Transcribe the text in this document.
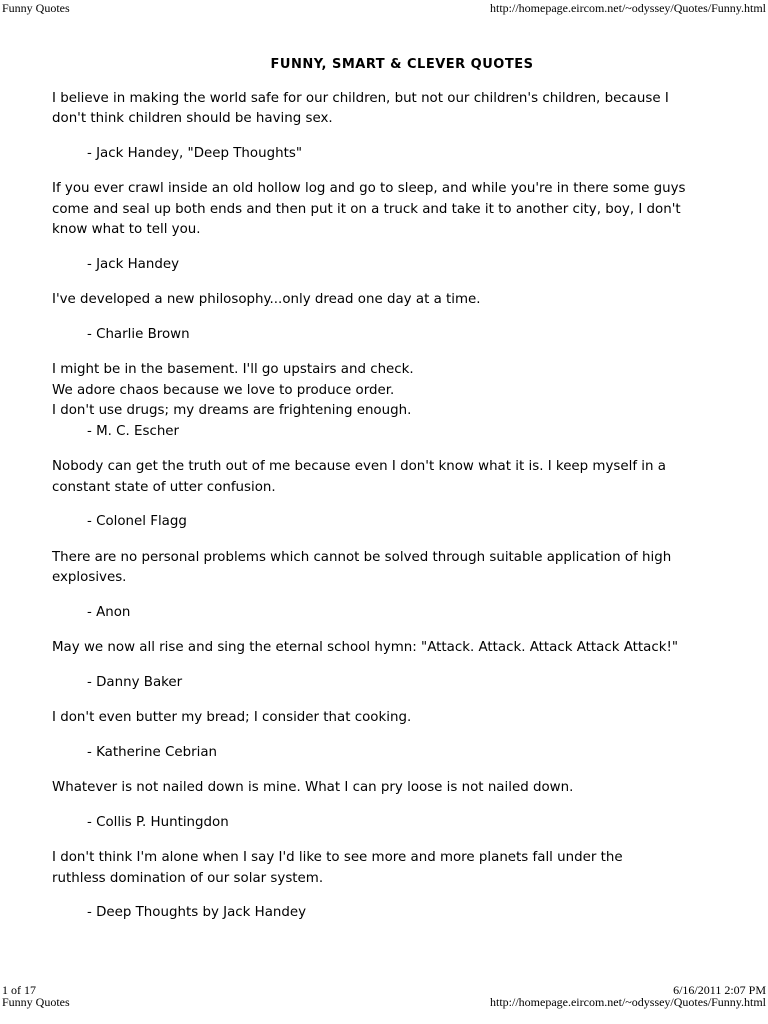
Funny Quotes	http://homepage.eircom.net/~odyssey/Quotes/Funny.html
FUNNY, SMART & CLEVER QUOTES

I believe in making the world safe for our children, but not our children's children, because I
don't think children should be having sex.

- Jack Handey, "Deep Thoughts"

If you ever crawl inside an old hollow log and go to sleep, and while you're in there some guys
come and seal up both ends and then put it on a truck and take it to another city, boy, I don't
know what to tell you.

- Jack Handey

I've developed a new philosophy...only dread one day at a time.

- Charlie Brown

I might be in the basement. I'll go upstairs and check.
We adore chaos because we love to produce order.
I don't use drugs; my dreams are frightening enough.

- M. C. Escher

Nobody can get the truth out of me because even I don't know what it is. I keep myself in a
constant state of utter confusion.

- Colonel Flagg

There are no personal problems which cannot be solved through suitable application of high
explosives.

- Anon

May we now all rise and sing the eternal school hymn: "Attack. Attack. Attack Attack Attack!"

- Danny Baker

I don't even butter my bread; I consider that cooking.

- Katherine Cebrian

Whatever is not nailed down is mine. What I can pry loose is not nailed down.

- Collis P. Huntingdon

I don't think I'm alone when I say I'd like to see more and more planets fall under the
ruthless domination of our solar system.

- Deep Thoughts by Jack Handey
1 of 17	6/16/2011 2:07 PM
Funny Quotes	http://homepage.eircom.net/~odyssey/Quotes/Funny.html
